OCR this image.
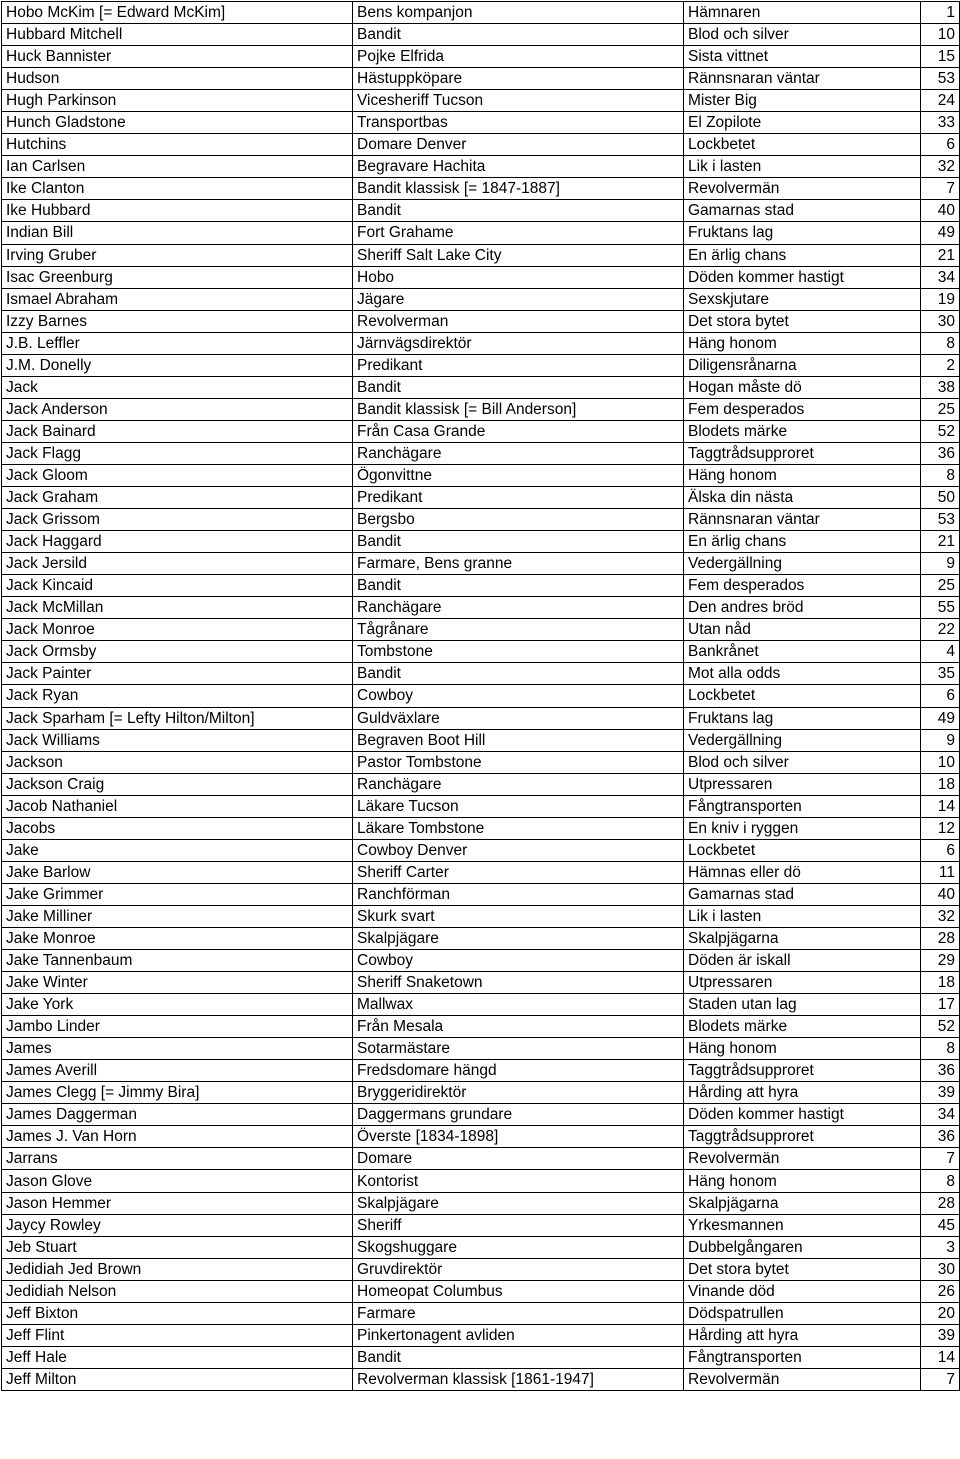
Hobo McKim [= Edward McKim]	Bens kompanjon	Hämnaren	1
Hubbard Mitchell	Bandit	Blod och silver	10
Huck Bannister	Pojke Elfrida	Sista vittnet	15
Hudson	Hästuppköpare	Rännsnaran väntar	53
Hugh Parkinson	Vicesheriff Tucson	Mister Big	24
Hunch Gladstone	Transportbas	El Zopilote	33
Hutchins	Domare Denver	Lockbetet	6
Ian Carlsen	Begravare Hachita	Lik i lasten	32
Ike Clanton	Bandit klassisk [= 1847-1887]	Revolvermän	7
Ike Hubbard	Bandit	Gamarnas stad	40
Indian Bill	Fort Grahame	Fruktans lag	49
Irving Gruber	Sheriff Salt Lake City	En ärlig chans	21
Isac Greenburg	Hobo	Döden kommer hastigt	34
Ismael Abraham	Jägare	Sexskjutare	19
Izzy Barnes	Revolverman	Det stora bytet	30
J.B. Leffler	Järnvägsdirektör	Häng honom	8
J.M. Donelly	Predikant	Diligensrånarna	2
Jack	Bandit	Hogan måste dö	38
Jack Anderson	Bandit klassisk [= Bill Anderson]	Fem desperados	25
Jack Bainard	Från Casa Grande	Blodets märke	52
Jack Flagg	Ranchägare	Taggtrådsupproret	36
Jack Gloom	Ögonvittne	Häng honom	8
Jack Graham	Predikant	Älska din nästa	50
Jack Grissom	Bergsbo	Rännsnaran väntar	53
Jack Haggard	Bandit	En ärlig chans	21
Jack Jersild	Farmare, Bens granne	Vedergällning	9
Jack Kincaid	Bandit	Fem desperados	25
Jack McMillan	Ranchägare	Den andres bröd	55
Jack Monroe	Tågrånare	Utan nåd	22
Jack Ormsby	Tombstone	Bankrånet	4
Jack Painter	Bandit	Mot alla odds	35
Jack Ryan	Cowboy	Lockbetet	6
Jack Sparham [= Lefty Hilton/Milton]	Guldväxlare	Fruktans lag	49
Jack Williams	Begraven Boot Hill	Vedergällning	9
Jackson	Pastor Tombstone	Blod och silver	10
Jackson Craig	Ranchägare	Utpressaren	18
Jacob Nathaniel	Läkare Tucson	Fångtransporten	14
Jacobs	Läkare Tombstone	En kniv i ryggen	12
Jake	Cowboy Denver	Lockbetet	6
Jake Barlow	Sheriff Carter	Hämnas eller dö	11
Jake Grimmer	Ranchförman	Gamarnas stad	40
Jake Milliner	Skurk svart	Lik i lasten	32
Jake Monroe	Skalpjägare	Skalpjägarna	28
Jake Tannenbaum	Cowboy	Döden är iskall	29
Jake Winter	Sheriff Snaketown	Utpressaren	18
Jake York	Mallwax	Staden utan lag	17
Jambo Linder	Från Mesala	Blodets märke	52
James	Sotarmästare	Häng honom	8
James Averill	Fredsdomare hängd	Taggtrådsupproret	36
James Clegg [= Jimmy Bira]	Bryggeridirektör	Hårding att hyra	39
James Daggerman	Daggermans grundare	Döden kommer hastigt	34
James J. Van Horn	Överste [1834-1898]	Taggtrådsupproret	36
Jarrans	Domare	Revolvermän	7
Jason Glove	Kontorist	Häng honom	8
Jason Hemmer	Skalpjägare	Skalpjägarna	28
Jaycy Rowley	Sheriff	Yrkesmannen	45
Jeb Stuart	Skogshuggare	Dubbelgångaren	3
Jedidiah Jed Brown	Gruvdirektör	Det stora bytet	30
Jedidiah Nelson	Homeopat Columbus	Vinande död	26
Jeff Bixton	Farmare	Dödspatrullen	20
Jeff Flint	Pinkertonagent avliden	Hårding att hyra	39
Jeff Hale	Bandit	Fångtransporten	14
Jeff Milton	Revolverman klassisk [1861-1947]	Revolvermän	7
